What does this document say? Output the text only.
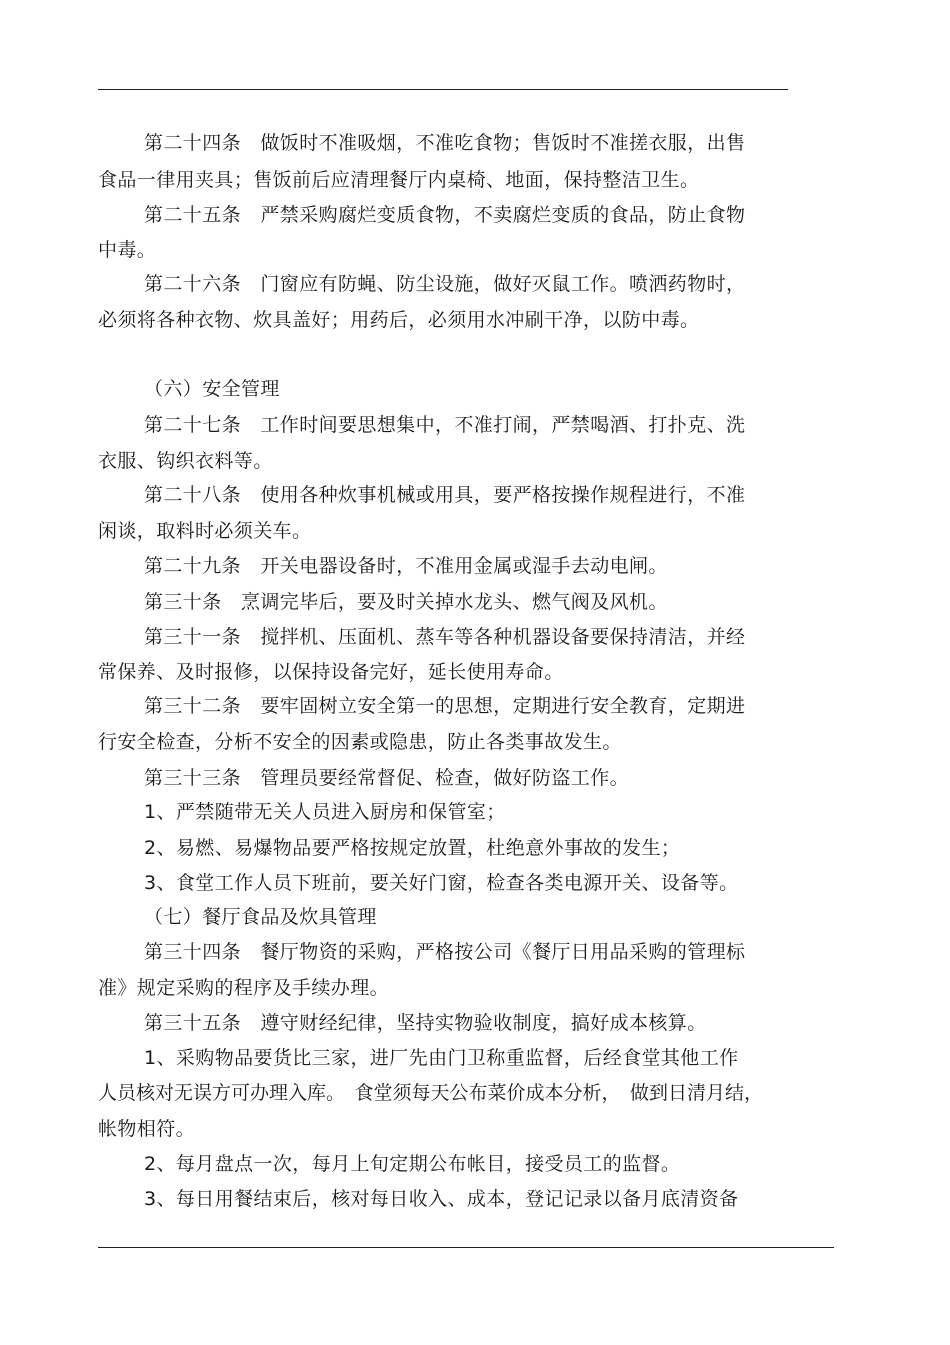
第二十四条　做饭时不准吸烟，不准吃食物；售饭时不准搓衣服，出售
食品一律用夹具；售饭前后应清理餐厅内桌椅、地面，保持整洁卫生。
第二十五条　严禁采购腐烂变质食物，不卖腐烂变质的食品，防止食物
中毒。
第二十六条　门窗应有防蝇、防尘设施，做好灭鼠工作。喷洒药物时，
必须将各种衣物、炊具盖好；用药后，必须用水冲刷干净，以防中毒。
（六）安全管理
第二十七条　工作时间要思想集中，不准打闹，严禁喝酒、打扑克、洗
衣服、钩织衣料等。
第二十八条　使用各种炊事机械或用具，要严格按操作规程进行，不准
闲谈，取料时必须关车。
第二十九条　开关电器设备时，不准用金属或湿手去动电闸。
第三十条　烹调完毕后，要及时关掉水龙头、燃气阀及风机。
第三十一条　搅拌机、压面机、蒸车等各种机器设备要保持清洁，并经
常保养、及时报修，以保持设备完好，延长使用寿命。
第三十二条　要牢固树立安全第一的思想，定期进行安全教育，定期进
行安全检查，分析不安全的因素或隐患，防止各类事故发生。
第三十三条　管理员要经常督促、检查，做好防盗工作。
1、严禁随带无关人员进入厨房和保管室；
2、易燃、易爆物品要严格按规定放置，杜绝意外事故的发生；
3、食堂工作人员下班前，要关好门窗，检查各类电源开关、设备等。
（七）餐厅食品及炊具管理
第三十四条　餐厅物资的采购，严格按公司《餐厅日用品采购的管理标
准》规定采购的程序及手续办理。
第三十五条　遵守财经纪律，坚持实物验收制度，搞好成本核算。
1、采购物品要货比三家，进厂先由门卫称重监督，后经食堂其他工作
人员核对无误方可办理入库。　食堂须每天公布菜价成本分析，　做到日清月结，
帐物相符。
2、每月盘点一次，每月上旬定期公布帐目，接受员工的监督。
3、每日用餐结束后，核对每日收入、成本，登记记录以备月底清资备
